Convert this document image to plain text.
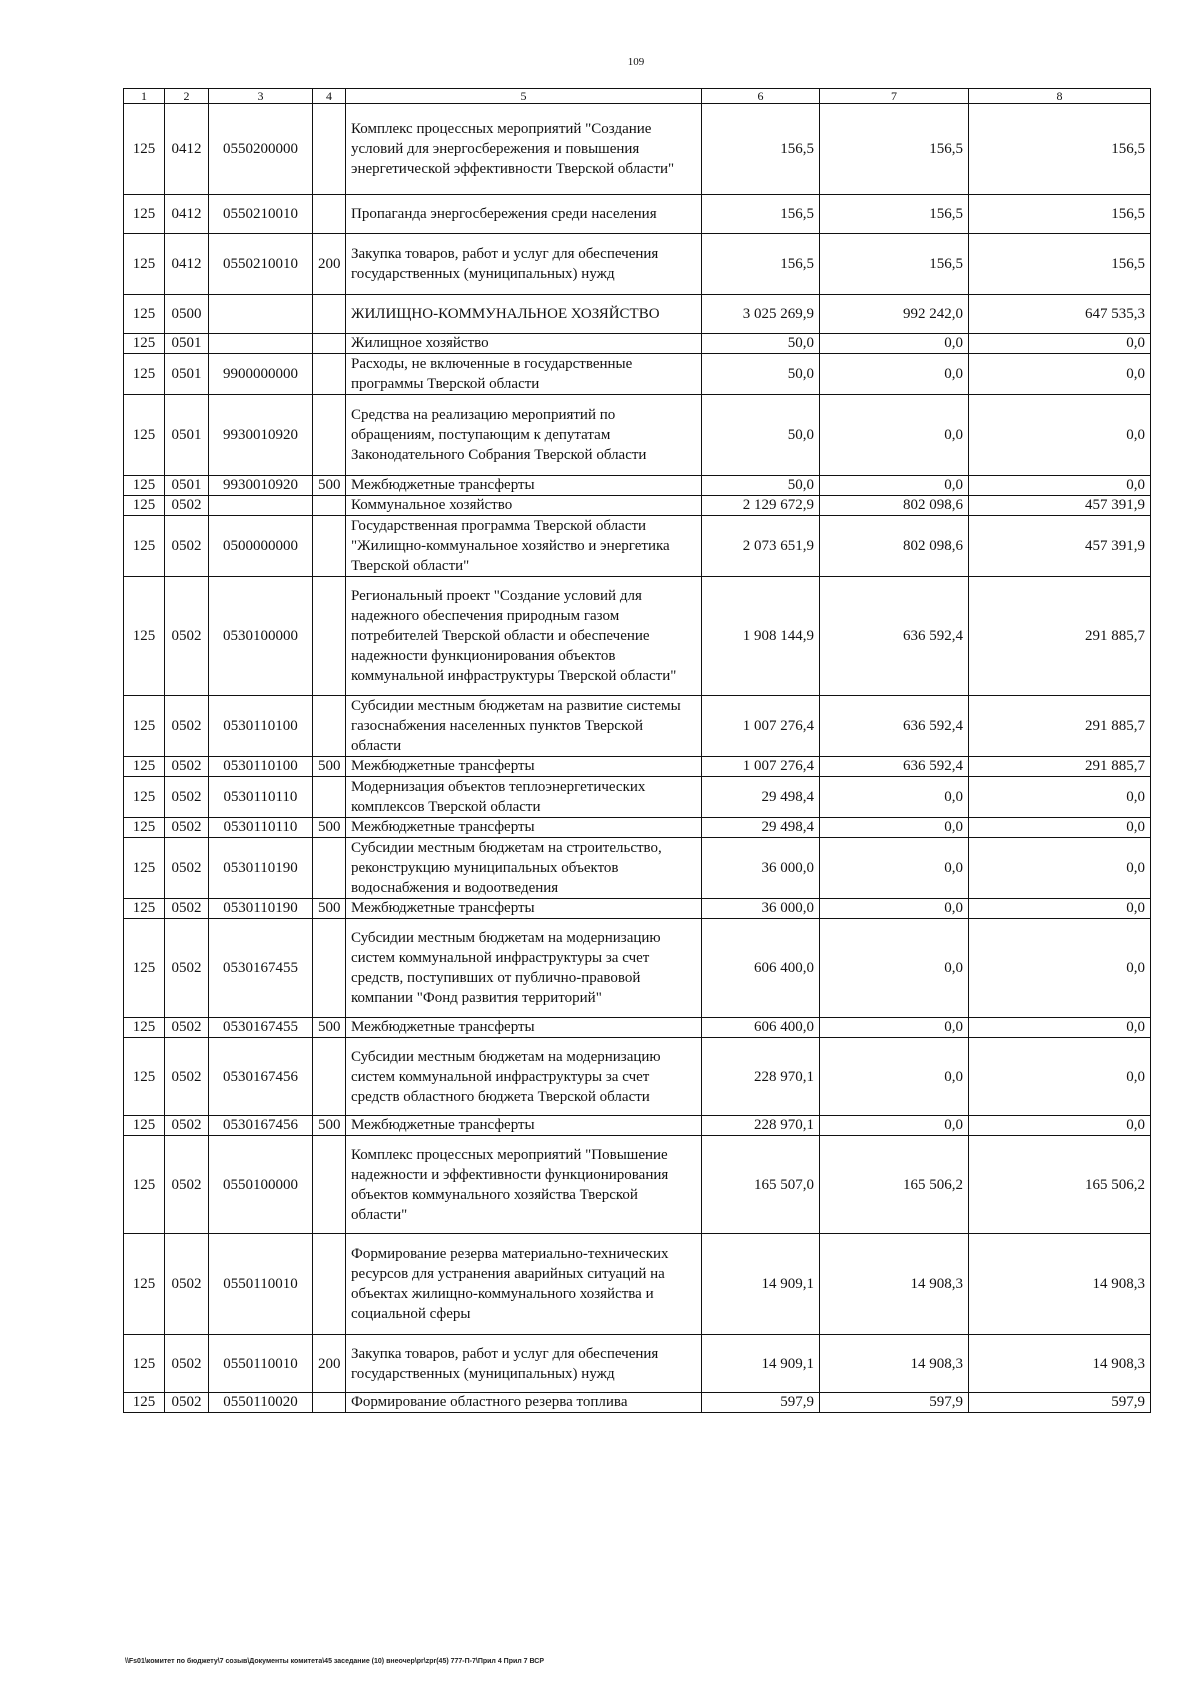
109
1	2	3	4	5	6	7	8
125	0412	0550200000		Комплекс процессных мероприятий "Создание условий для энергосбережения и повышения энергетической эффективности Тверской области"	156,5	156,5	156,5
125	0412	0550210010		Пропаганда энергосбережения среди населения	156,5	156,5	156,5
125	0412	0550210010	200	Закупка товаров, работ и услуг для обеспечения государственных (муниципальных) нужд	156,5	156,5	156,5
125	0500			ЖИЛИЩНО-КОММУНАЛЬНОЕ ХОЗЯЙСТВО	3 025 269,9	992 242,0	647 535,3
125	0501			Жилищное хозяйство	50,0	0,0	0,0
125	0501	9900000000		Расходы, не включенные в государственные программы Тверской области	50,0	0,0	0,0
125	0501	9930010920		Средства на реализацию мероприятий по обращениям, поступающим к депутатам Законодательного Собрания Тверской области	50,0	0,0	0,0
125	0501	9930010920	500	Межбюджетные трансферты	50,0	0,0	0,0
125	0502			Коммунальное хозяйство	2 129 672,9	802 098,6	457 391,9
125	0502	0500000000		Государственная программа Тверской области "Жилищно-коммунальное хозяйство и энергетика Тверской области"	2 073 651,9	802 098,6	457 391,9
125	0502	0530100000		Региональный проект "Создание условий для надежного обеспечения природным газом потребителей Тверской области и обеспечение надежности функционирования объектов коммунальной инфраструктуры Тверской области"	1 908 144,9	636 592,4	291 885,7
125	0502	0530110100		Субсидии местным бюджетам на развитие системы газоснабжения населенных пунктов Тверской области	1 007 276,4	636 592,4	291 885,7
125	0502	0530110100	500	Межбюджетные трансферты	1 007 276,4	636 592,4	291 885,7
125	0502	0530110110		Модернизация объектов теплоэнергетических комплексов Тверской области	29 498,4	0,0	0,0
125	0502	0530110110	500	Межбюджетные трансферты	29 498,4	0,0	0,0
125	0502	0530110190		Субсидии местным бюджетам на строительство, реконструкцию муниципальных объектов водоснабжения и водоотведения	36 000,0	0,0	0,0
125	0502	0530110190	500	Межбюджетные трансферты	36 000,0	0,0	0,0
125	0502	0530167455		Субсидии местным бюджетам на модернизацию систем коммунальной инфраструктуры за счет средств, поступивших от публично-правовой компании "Фонд развития территорий"	606 400,0	0,0	0,0
125	0502	0530167455	500	Межбюджетные трансферты	606 400,0	0,0	0,0
125	0502	0530167456		Субсидии местным бюджетам на модернизацию систем коммунальной инфраструктуры за счет средств областного бюджета Тверской области	228 970,1	0,0	0,0
125	0502	0530167456	500	Межбюджетные трансферты	228 970,1	0,0	0,0
125	0502	0550100000		Комплекс процессных мероприятий "Повышение надежности и эффективности функционирования объектов коммунального хозяйства Тверской области"	165 507,0	165 506,2	165 506,2
125	0502	0550110010		Формирование резерва материально-технических ресурсов для устранения аварийных ситуаций на объектах жилищно-коммунального хозяйства и социальной сферы	14 909,1	14 908,3	14 908,3
125	0502	0550110010	200	Закупка товаров, работ и услуг для обеспечения государственных (муниципальных) нужд	14 909,1	14 908,3	14 908,3
125	0502	0550110020		Формирование областного резерва топлива	597,9	597,9	597,9
\\Fs01\комитет по бюджету\7 созыв\Документы комитета\45 заседание (10) внеочер\pr\zpr(45) 777-П-7\Прил 4 Прил 7 ВСР
